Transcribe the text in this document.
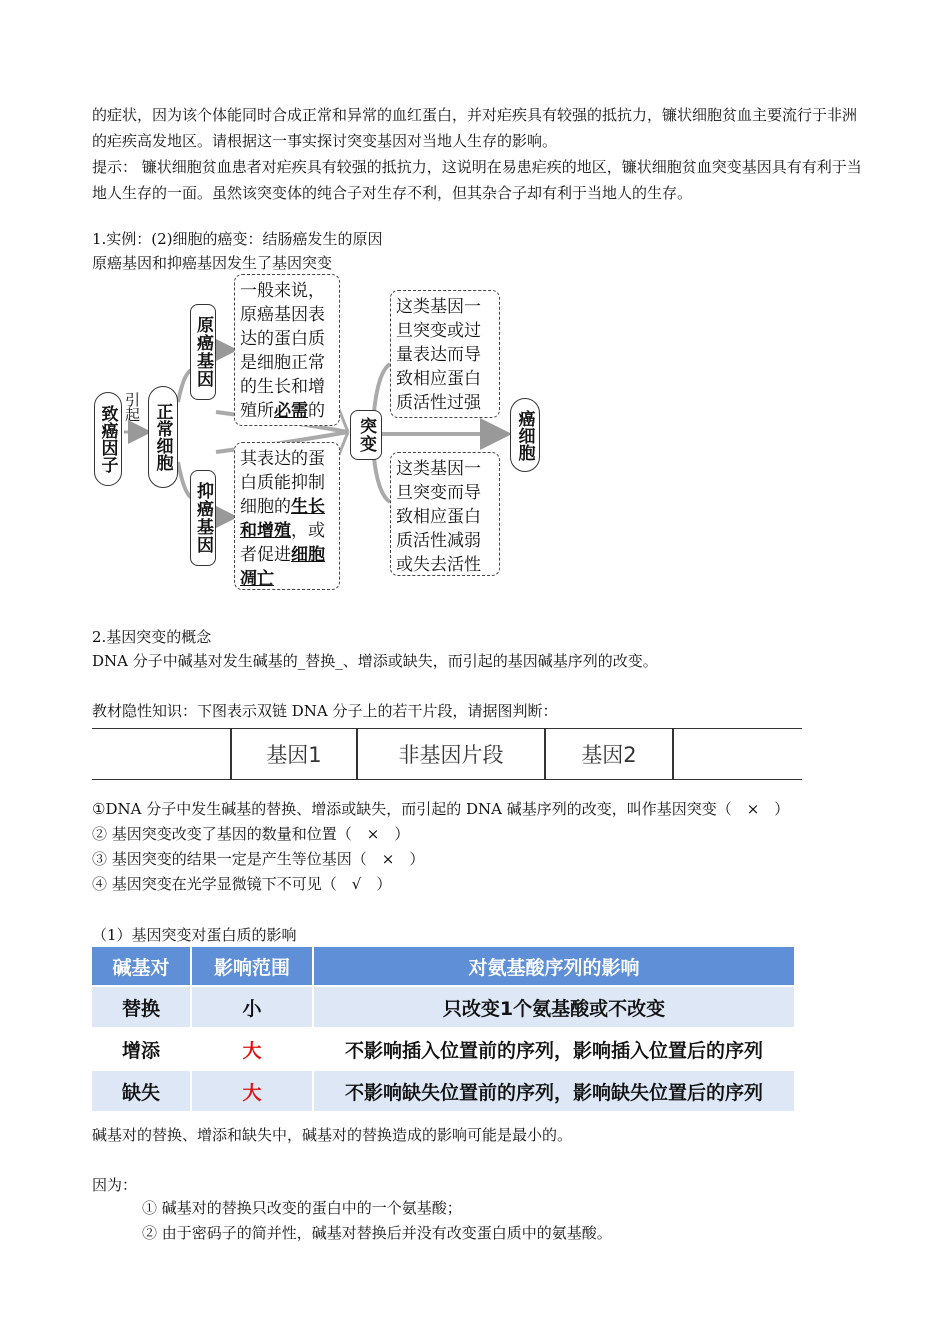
的症状，因为该个体能同时合成正常和异常的血红蛋白，并对疟疾具有较强的抵抗力，镰状细胞贫血主要流行于非洲的疟疾高发地区。请根据这一事实探讨突变基因对当地人生存的影响。
提示： 镰状细胞贫血患者对疟疾具有较强的抵抗力，这说明在易患疟疾的地区，镰状细胞贫血突变基因具有有利于当地人生存的一面。虽然该突变体的纯合子对生存不利，但其杂合子却有利于当地人的生存。
1.实例：(2)细胞的癌变：结肠癌发生的原因
原癌基因和抑癌基因发生了基因突变
致癌因子 引起 正常细胞
原癌基因
抑癌基因
一般来说，原癌基因表达的蛋白质是细胞正常的生长和增殖所必需的
其表达的蛋白质能抑制细胞的生长和增殖，或者促进细胞凋亡
突变
这类基因一旦突变或过量表达而导致相应蛋白质活性过强
这类基因一旦突变而导致相应蛋白质活性减弱或失去活性
癌细胞
2.基因突变的概念
DNA 分子中碱基对发生碱基的_替换_、增添或缺失，而引起的基因碱基序列的改变。
教材隐性知识：下图表示双链 DNA 分子上的若干片段，请据图判断：
基因1	非基因片段	基因2
①DNA 分子中发生碱基的替换、增添或缺失，而引起的 DNA 碱基序列的改变，叫作基因突变（　×　）
② 基因突变改变了基因的数量和位置（　×　）
③ 基因突变的结果一定是产生等位基因（　×　）
④ 基因突变在光学显微镜下不可见（　√　）
（1）基因突变对蛋白质的影响
碱基对	影响范围	对氨基酸序列的影响
替换	小	只改变1个氨基酸或不改变
增添	大	不影响插入位置前的序列，影响插入位置后的序列
缺失	大	不影响缺失位置前的序列，影响缺失位置后的序列
碱基对的替换、增添和缺失中，碱基对的替换造成的影响可能是最小的。
因为：
① 碱基对的替换只改变的蛋白中的一个氨基酸；
② 由于密码子的简并性，碱基对替换后并没有改变蛋白质中的氨基酸。
